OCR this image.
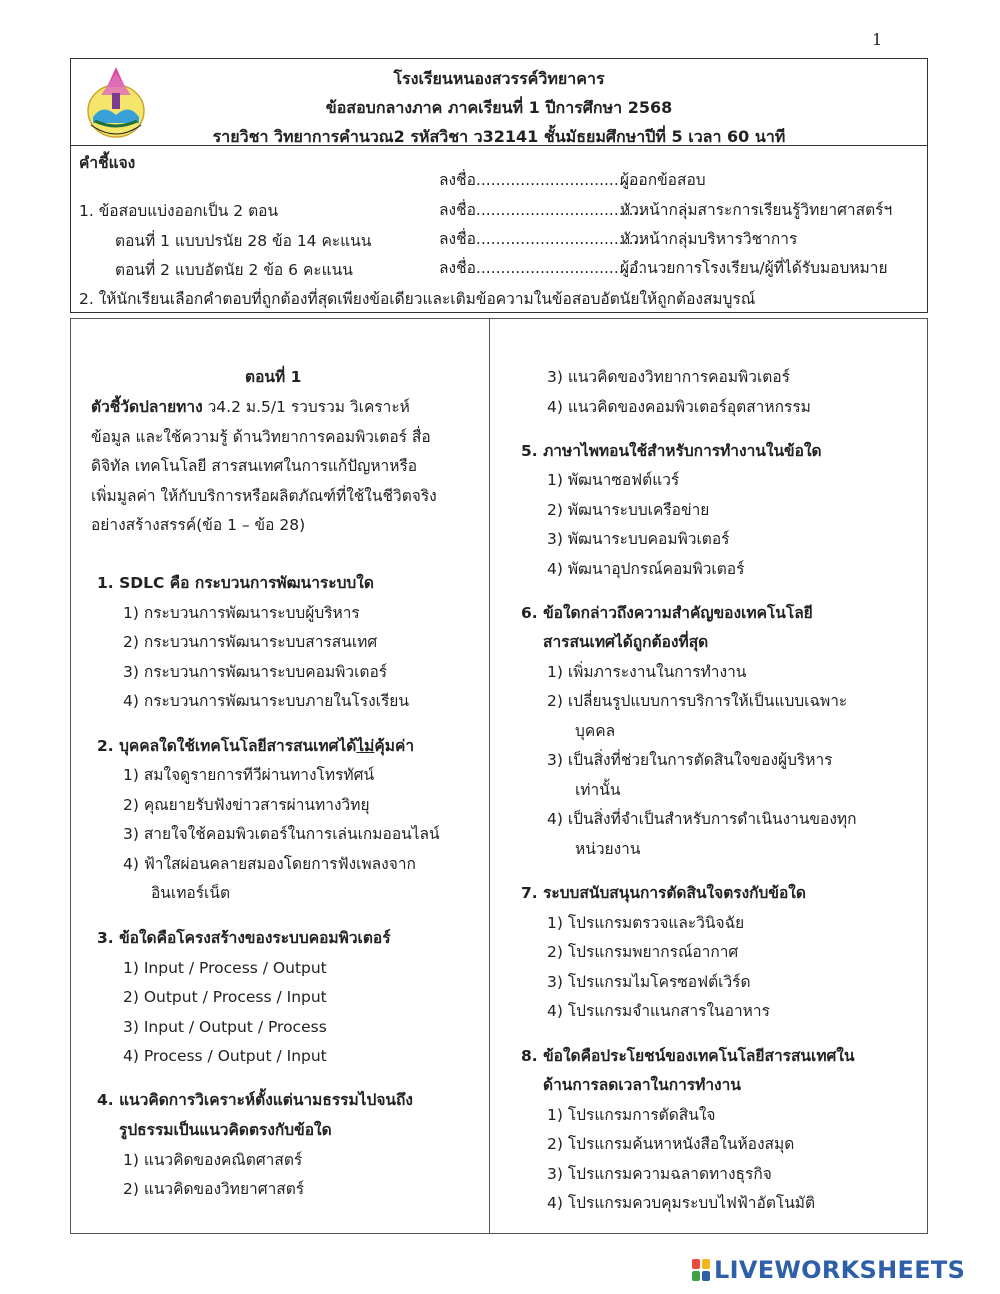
1
โรงเรียนหนองสวรรค์วิทยาคาร
ข้อสอบกลางภาค ภาคเรียนที่ 1 ปีการศึกษา 2568
รายวิชา วิทยาการคำนวณ2 รหัสวิชา ว32141 ชั้นมัธยมศึกษาปีที่ 5 เวลา 60 นาที
คำชี้แจง
1. ข้อสอบแบ่งออกเป็น 2 ตอน
ตอนที่ 1 แบบปรนัย 28 ข้อ 14 คะแนน
ตอนที่ 2 แบบอัตนัย 2 ข้อ 6 คะแนน
2. ให้นักเรียนเลือกคำตอบที่ถูกต้องที่สุดเพียงข้อเดียวและเติมข้อความในข้อสอบอัตนัยให้ถูกต้องสมบูรณ์
ลงชื่อ..................................
ผู้ออกข้อสอบ
ลงชื่อ..................................
หัวหน้ากลุ่มสาระการเรียนรู้วิทยาศาสตร์ฯ
ลงชื่อ..................................
หัวหน้ากลุ่มบริหารวิชาการ
ลงชื่อ..................................
ผู้อำนวยการโรงเรียน/ผู้ที่ได้รับมอบหมาย
ตอนที่ 1
ตัวชี้วัดปลายทาง ว4.2 ม.5/1 รวบรวม วิเคราะห์
ข้อมูล และใช้ความรู้ ด้านวิทยาการคอมพิวเตอร์ สื่อ
ดิจิทัล เทคโนโลยี สารสนเทศในการแก้ปัญหาหรือ
เพิ่มมูลค่า ให้กับบริการหรือผลิตภัณฑ์ที่ใช้ในชีวิตจริง
อย่างสร้างสรรค์(ข้อ 1 – ข้อ 28)
1. SDLC คือ กระบวนการพัฒนาระบบใด
1) กระบวนการพัฒนาระบบผู้บริหาร
2) กระบวนการพัฒนาระบบสารสนเทศ
3) กระบวนการพัฒนาระบบคอมพิวเตอร์
4) กระบวนการพัฒนาระบบภายในโรงเรียน
2. บุคคลใดใช้เทคโนโลยีสารสนเทศได้ไม่คุ้มค่า
1) สมใจดูรายการทีวีผ่านทางโทรทัศน์
2) คุณยายรับฟังข่าวสารผ่านทางวิทยุ
3) สายใจใช้คอมพิวเตอร์ในการเล่นเกมออนไลน์
4) ฟ้าใสผ่อนคลายสมองโดยการฟังเพลงจาก
อินเทอร์เน็ต
3. ข้อใดคือโครงสร้างของระบบคอมพิวเตอร์
1) Input / Process / Output
2) Output / Process / Input
3) Input / Output / Process
4) Process / Output / Input
4. แนวคิดการวิเคราะห์ตั้งแต่นามธรรมไปจนถึง
รูปธรรมเป็นแนวคิดตรงกับข้อใด
1) แนวคิดของคณิตศาสตร์
2) แนวคิดของวิทยาศาสตร์
3) แนวคิดของวิทยาการคอมพิวเตอร์
4) แนวคิดของคอมพิวเตอร์อุตสาหกรรม
5. ภาษาไพทอนใช้สำหรับการทำงานในข้อใด
1) พัฒนาซอฟต์แวร์
2) พัฒนาระบบเครือข่าย
3) พัฒนาระบบคอมพิวเตอร์
4) พัฒนาอุปกรณ์คอมพิวเตอร์
6. ข้อใดกล่าวถึงความสำคัญของเทคโนโลยี
สารสนเทศได้ถูกต้องที่สุด
1) เพิ่มภาระงานในการทำงาน
2) เปลี่ยนรูปแบบการบริการให้เป็นแบบเฉพาะ
บุคคล
3) เป็นสิ่งที่ช่วยในการตัดสินใจของผู้บริหาร
เท่านั้น
4) เป็นสิ่งที่จำเป็นสำหรับการดำเนินงานของทุก
หน่วยงาน
7. ระบบสนับสนุนการตัดสินใจตรงกับข้อใด
1) โปรแกรมตรวจและวินิจฉัย
2) โปรแกรมพยากรณ์อากาศ
3) โปรแกรมไมโครซอฟต์เวิร์ด
4) โปรแกรมจำแนกสารในอาหาร
8. ข้อใดคือประโยชน์ของเทคโนโลยีสารสนเทศใน
ด้านการลดเวลาในการทำงาน
1) โปรแกรมการตัดสินใจ
2) โปรแกรมค้นหาหนังสือในห้องสมุด
3) โปรแกรมความฉลาดทางธุรกิจ
4) โปรแกรมควบคุมระบบไฟฟ้าอัตโนมัติ
LIVEWORKSHEETS
